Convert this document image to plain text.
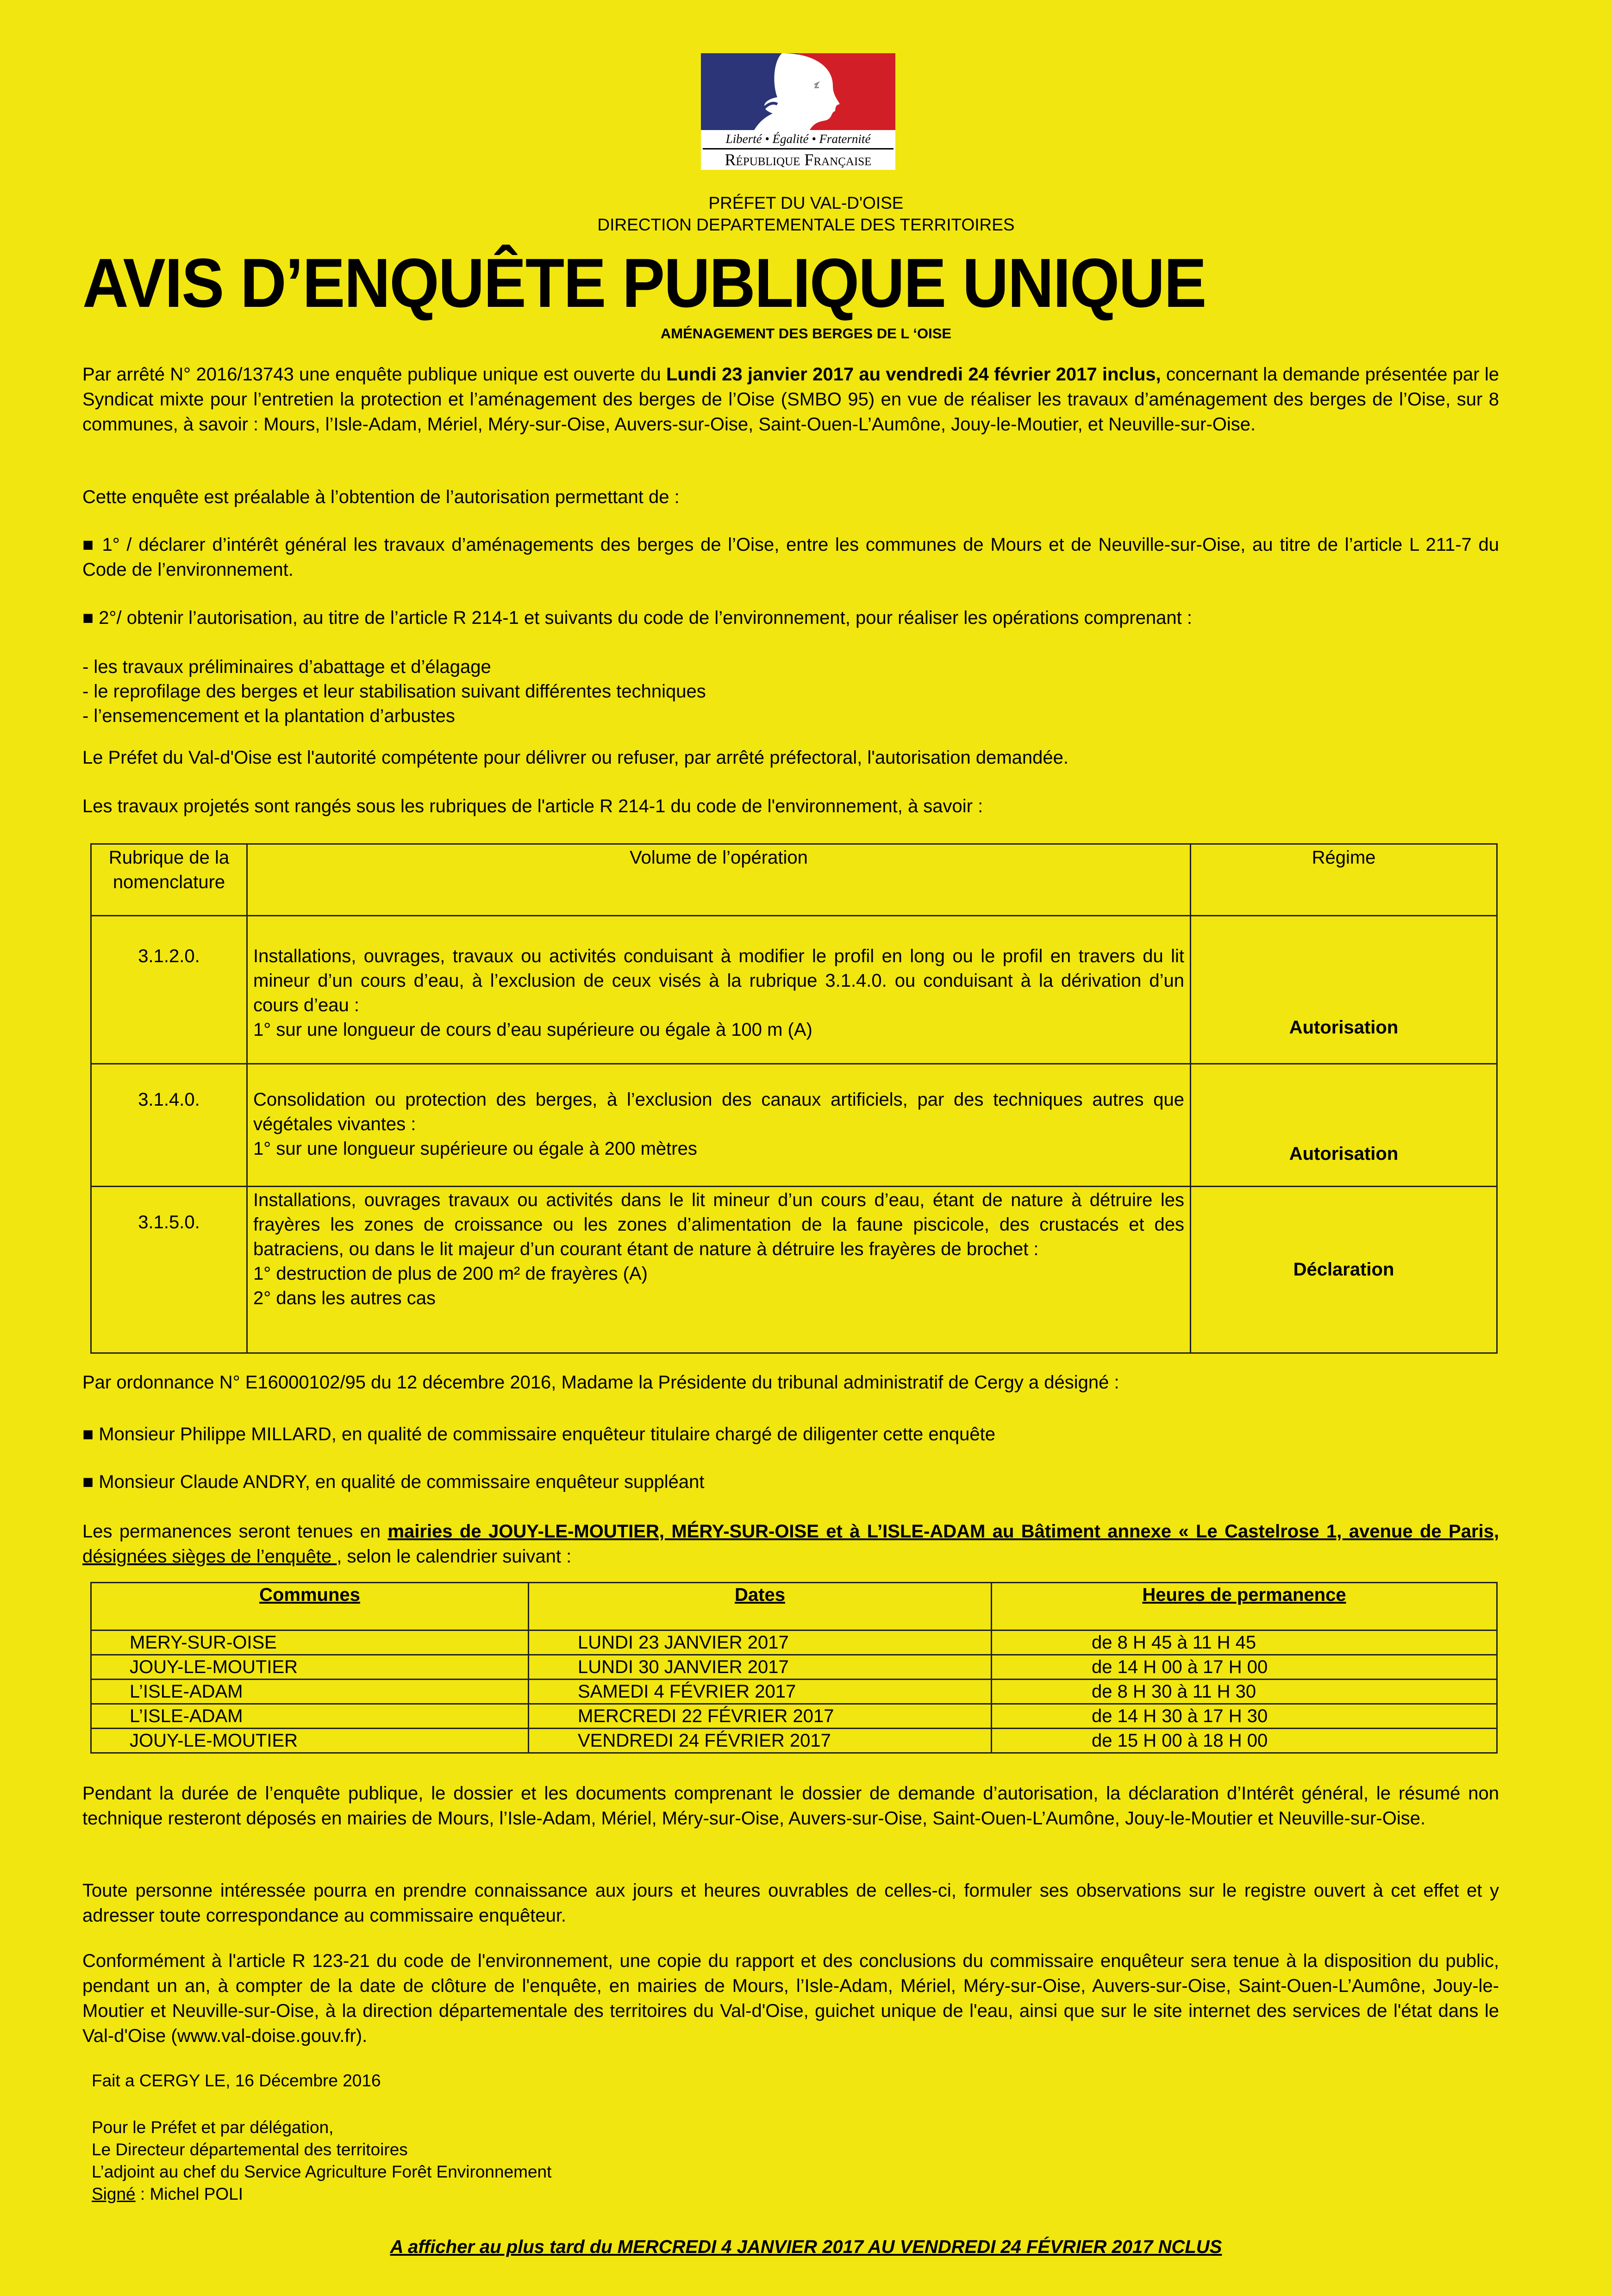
Liberté • Égalité • Fraternité
République Française
PRÉFET DU VAL-D'OISE
DIRECTION DEPARTEMENTALE DES TERRITOIRES
AVIS D’ENQUÊTE PUBLIQUE UNIQUE
AMÉNAGEMENT DES BERGES DE L ‘OISE
Par arrêté N° 2016/13743 une enquête publique unique est ouverte du Lundi 23 janvier 2017 au vendredi 24 février 2017 inclus, concernant la demande présentée par le Syndicat mixte pour l’entretien la protection et l’aménagement des berges de l’Oise (SMBO 95) en vue de réaliser les travaux d’aménagement des berges de l’Oise, sur 8 communes, à savoir : Mours, l’Isle-Adam, Mériel, Méry-sur-Oise, Auvers-sur-Oise, Saint-Ouen-L’Aumône, Jouy-le-Moutier, et Neuville-sur-Oise.
Cette enquête est préalable à l’obtention de l’autorisation permettant de :
■ 1° / déclarer d’intérêt général les travaux d’aménagements des berges de l’Oise, entre les communes de Mours et de Neuville-sur-Oise, au titre de l’article L 211-7 du Code de l’environnement.
■ 2°/ obtenir l’autorisation, au titre de l’article R 214-1 et suivants du code de l’environnement, pour réaliser les opérations comprenant :
- les travaux préliminaires d’abattage et d’élagage
- le reprofilage des berges et leur stabilisation suivant différentes techniques
- l’ensemencement et la plantation d’arbustes
Le Préfet du Val-d'Oise est l'autorité compétente pour délivrer ou refuser, par arrêté préfectoral, l'autorisation demandée.
Les travaux projetés sont rangés sous les rubriques de l'article R 214-1 du code de l'environnement, à savoir :
Rubrique de la nomenclature	Volume de l’opération	Régime
3.1.2.0.	Installations, ouvrages, travaux ou activités conduisant à modifier le profil en long ou le profil en travers du lit mineur d’un cours d’eau, à l’exclusion de ceux visés à la rubrique 3.1.4.0. ou conduisant à la dérivation d’un cours d’eau :
1° sur une longueur de cours d’eau supérieure ou égale à 100 m (A)	Autorisation
3.1.4.0.	Consolidation ou protection des berges, à l’exclusion des canaux artificiels, par des techniques autres que végétales vivantes :
1° sur une longueur supérieure ou égale à 200 mètres	Autorisation
3.1.5.0.	Installations, ouvrages travaux ou activités dans le lit mineur d’un cours d’eau, étant de nature à détruire les frayères les zones de croissance ou les zones d’alimentation de la faune piscicole, des crustacés et des batraciens, ou dans le lit majeur d’un courant étant de nature à détruire les frayères de brochet :
1° destruction de plus de 200 m² de frayères (A)
2° dans les autres cas	Déclaration
Par ordonnance N° E16000102/95 du 12 décembre 2016, Madame la Présidente du tribunal administratif de Cergy a désigné :
■ Monsieur Philippe MILLARD, en qualité de commissaire enquêteur titulaire chargé de diligenter cette enquête
■ Monsieur Claude ANDRY, en qualité de commissaire enquêteur suppléant
Les permanences seront tenues en mairies de JOUY-LE-MOUTIER, MÉRY-SUR-OISE et à L’ISLE-ADAM au Bâtiment annexe « Le Castelrose 1, avenue de Paris, désignées sièges de l’enquête , selon le calendrier suivant :
Communes	Dates	Heures de permanence
MERY-SUR-OISE	LUNDI 23 JANVIER 2017	de 8 H 45 à 11 H 45
JOUY-LE-MOUTIER	LUNDI 30 JANVIER 2017	de 14 H 00 à 17 H 00
L’ISLE-ADAM	SAMEDI 4 FÉVRIER 2017	de 8 H 30 à 11 H 30
L’ISLE-ADAM	MERCREDI 22 FÉVRIER 2017	de 14 H 30 à 17 H 30
JOUY-LE-MOUTIER	VENDREDI 24 FÉVRIER 2017	de 15 H 00 à 18 H 00
Pendant la durée de l’enquête publique, le dossier et les documents comprenant le dossier de demande d’autorisation, la déclaration d’Intérêt général, le résumé non technique resteront déposés en mairies de Mours, l’Isle-Adam, Mériel, Méry-sur-Oise, Auvers-sur-Oise, Saint-Ouen-L’Aumône, Jouy-le-Moutier et Neuville-sur-Oise.
Toute personne intéressée pourra en prendre connaissance aux jours et heures ouvrables de celles-ci, formuler ses observations sur le registre ouvert à cet effet et y adresser toute correspondance au commissaire enquêteur.
Conformément à l'article R 123-21 du code de l'environnement, une copie du rapport et des conclusions du commissaire enquêteur sera tenue à la disposition du public, pendant un an, à compter de la date de clôture de l'enquête, en mairies de Mours, l’Isle-Adam, Mériel, Méry-sur-Oise, Auvers-sur-Oise, Saint-Ouen-L’Aumône, Jouy-le-Moutier et Neuville-sur-Oise, à la direction départementale des territoires du Val-d'Oise, guichet unique de l'eau, ainsi que sur le site internet des services de l'état dans le Val-d'Oise (www.val-doise.gouv.fr).
Fait a CERGY LE, 16 Décembre 2016
Pour le Préfet et par délégation,
Le Directeur départemental des territoires
L’adjoint au chef du Service Agriculture Forêt Environnement
Signé : Michel POLI
A afficher au plus tard du MERCREDI 4 JANVIER 2017 AU VENDREDI 24 FÉVRIER 2017 NCLUS
